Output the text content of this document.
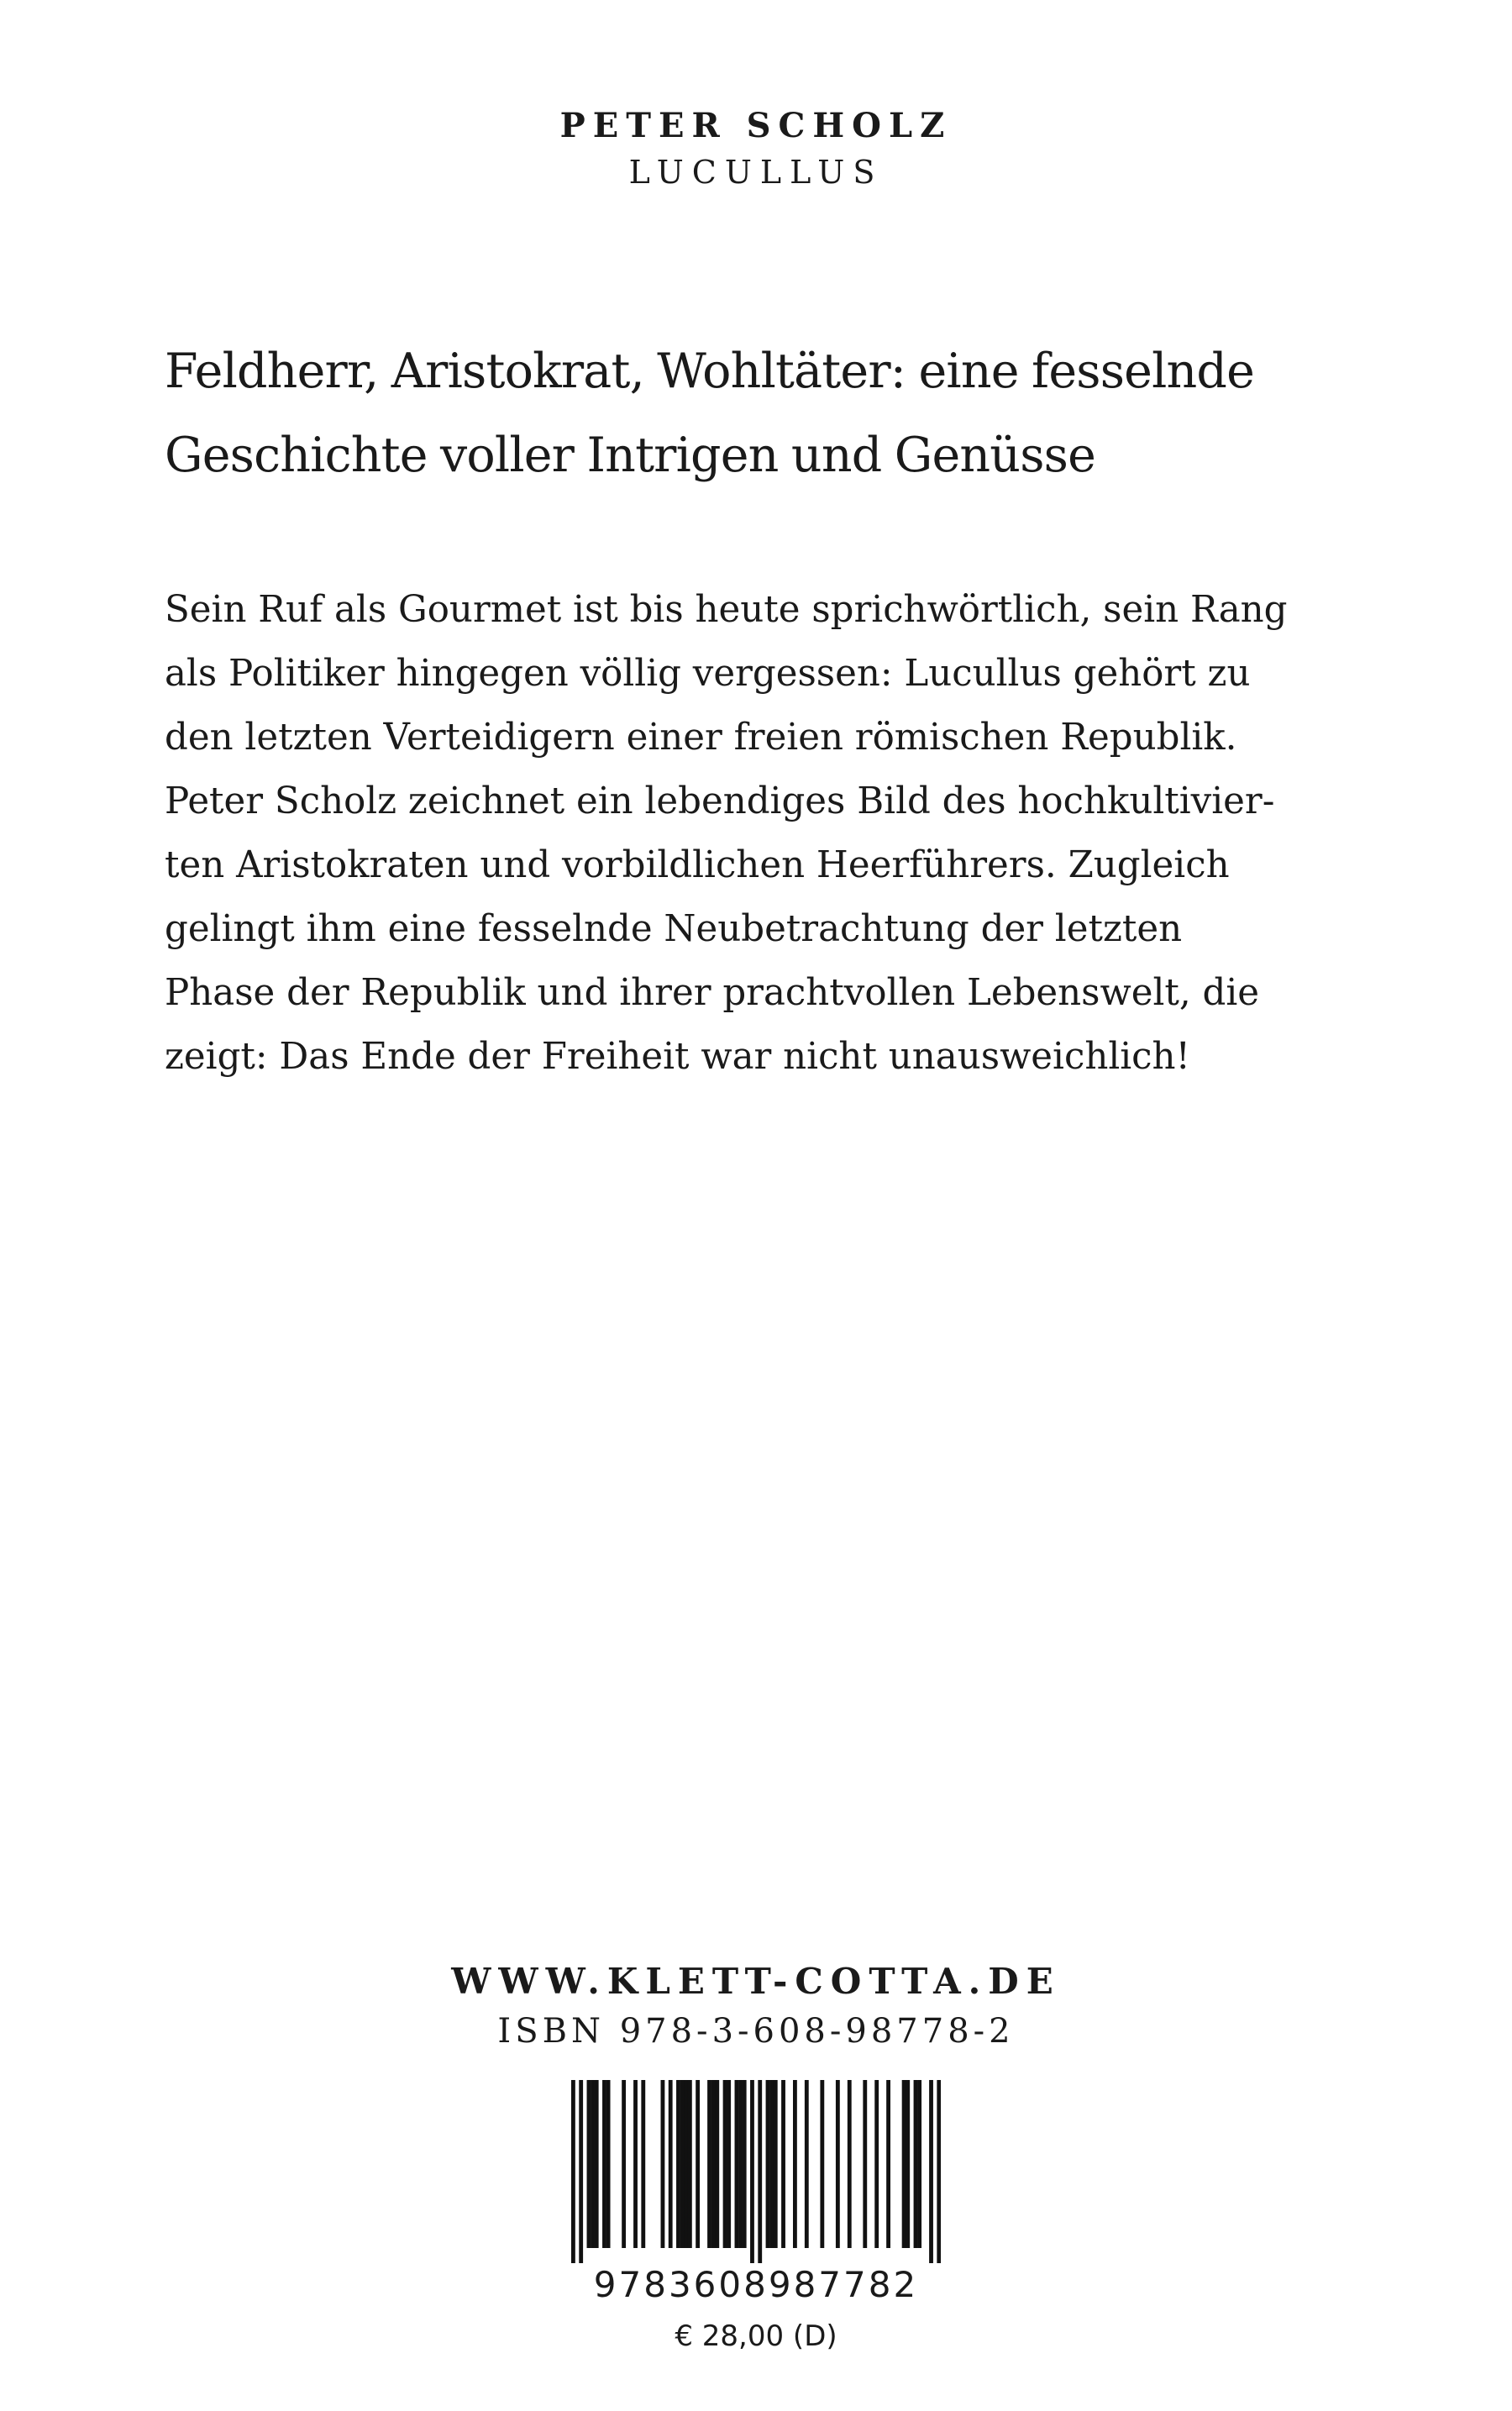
PETER SCHOLZ
LUCULLUS
Feldherr, Aristokrat, Wohltäter: eine fesselnde
Geschichte voller Intrigen und Genüsse
Sein Ruf als Gourmet ist bis heute sprichwörtlich, sein Rang
als Politiker hingegen völlig vergessen: Lucullus gehört zu
den letzten Verteidigern einer freien römischen Republik.
Peter Scholz zeichnet ein lebendiges Bild des hochkultivier-
ten Aristokraten und vorbildlichen Heerführers. Zugleich
gelingt ihm eine fesselnde Neubetrachtung der letzten
Phase der Republik und ihrer prachtvollen Lebenswelt, die
zeigt: Das Ende der Freiheit war nicht unausweichlich!
WWW.KLETT-COTTA.DE
ISBN 978-3-608-98778-2
9783608987782
€ 28,00 (D)
